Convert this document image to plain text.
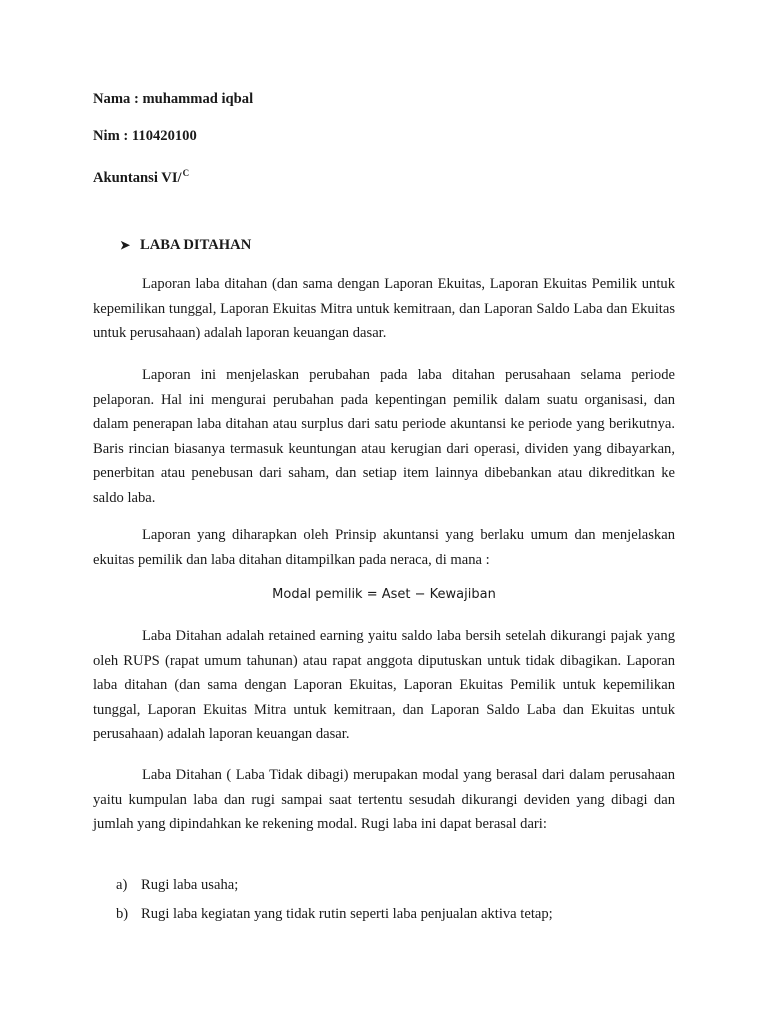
Nama : muhammad iqbal

Nim : 110420100

Akuntansi VI/$^C$

➤ LABA DITAHAN

Laporan laba ditahan (dan sama dengan Laporan Ekuitas, Laporan Ekuitas Pemilik untuk kepemilikan tunggal, Laporan Ekuitas Mitra untuk kemitraan, dan Laporan Saldo Laba dan Ekuitas untuk perusahaan) adalah laporan keuangan dasar.

Laporan ini menjelaskan perubahan pada laba ditahan perusahaan selama periode pelaporan. Hal ini mengurai perubahan pada kepentingan pemilik dalam suatu organisasi, dan dalam penerapan laba ditahan atau surplus dari satu periode akuntansi ke periode yang berikutnya. Baris rincian biasanya termasuk keuntungan atau kerugian dari operasi, dividen yang dibayarkan, penerbitan atau penebusan dari saham, dan setiap item lainnya dibebankan atau dikreditkan ke saldo laba.

Laporan yang diharapkan oleh Prinsip akuntansi yang berlaku umum dan menjelaskan ekuitas pemilik dan laba ditahan ditampilkan pada neraca, di mana :

Modal pemilik = Aset − Kewajiban

Laba Ditahan adalah retained earning yaitu saldo laba bersih setelah dikurangi pajak yang oleh RUPS (rapat umum tahunan) atau rapat anggota diputuskan untuk tidak dibagikan. Laporan laba ditahan (dan sama dengan Laporan Ekuitas, Laporan Ekuitas Pemilik untuk kepemilikan tunggal, Laporan Ekuitas Mitra untuk kemitraan, dan Laporan Saldo Laba dan Ekuitas untuk perusahaan) adalah laporan keuangan dasar.

Laba Ditahan ( Laba Tidak dibagi) merupakan modal yang berasal dari dalam perusahaan yaitu kumpulan laba dan rugi sampai saat tertentu sesudah dikurangi deviden yang dibagi dan jumlah yang dipindahkan ke rekening modal. Rugi laba ini dapat berasal dari:

a) Rugi laba usaha;
b) Rugi laba kegiatan yang tidak rutin seperti laba penjualan aktiva tetap;
